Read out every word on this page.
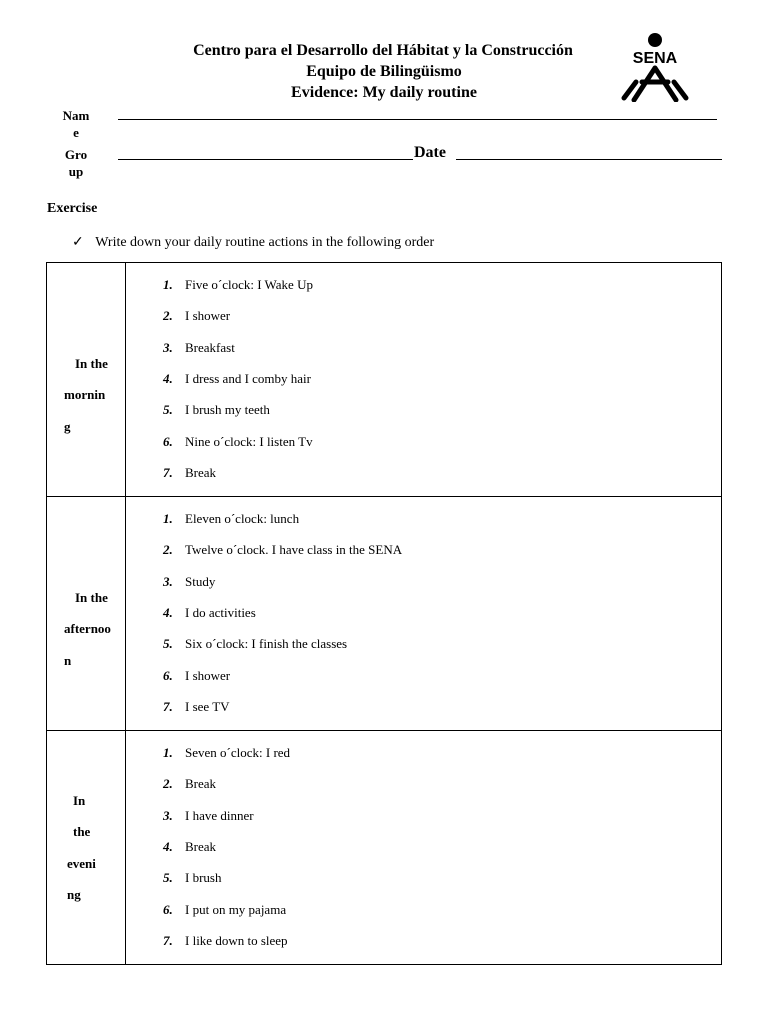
Centro para el Desarrollo del Hábitat y la Construcción
Equipo de Bilingüismo
Evidence: My daily routine
SENA
Nam
e
Gro
up
Date
Exercise
✓ Write down your daily routine actions in the following order
In the
mornin
g
1. Five o´clock: I Wake Up
2. I shower
3. Breakfast
4. I dress and I comby hair
5. I brush my teeth
6. Nine o´clock: I listen Tv
7. Break
In the
afternoo
n
1. Eleven o´clock: lunch
2. Twelve o´clock. I have class in the SENA
3. Study
4. I do activities
5. Six o´clock: I finish the classes
6. I shower
7. I see TV
In
the
eveni
ng
1. Seven o´clock: I red
2. Break
3. I have dinner
4. Break
5. I brush
6. I put on my pajama
7. I like down to sleep
